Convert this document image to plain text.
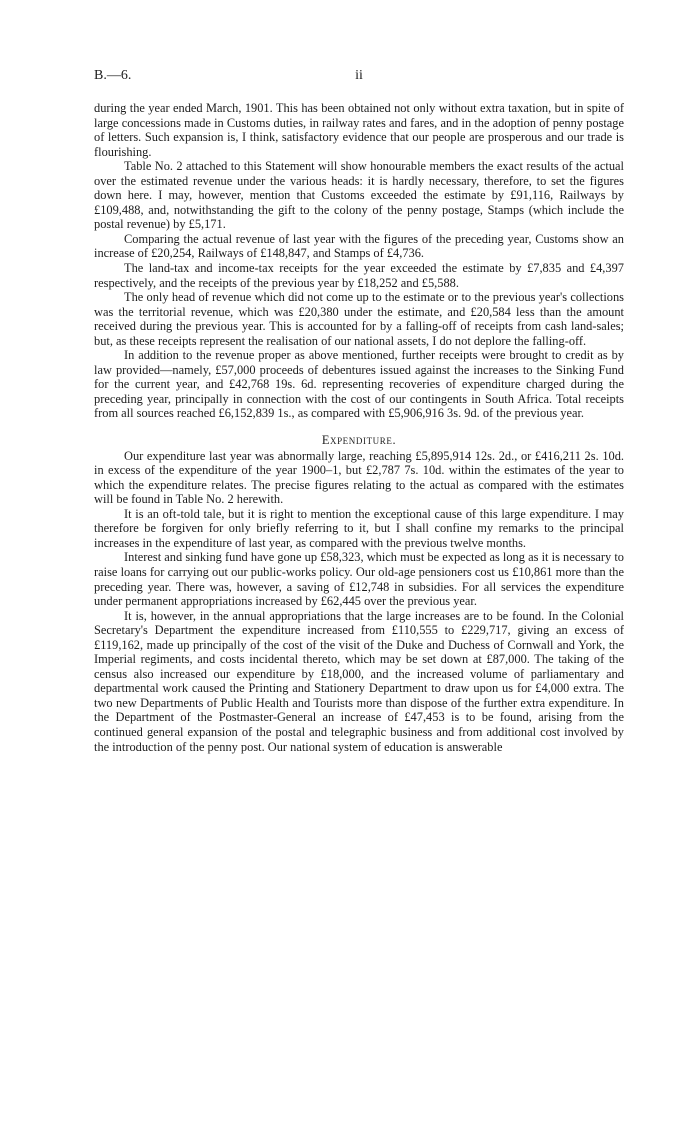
B.—6.	ii

during the year ended March, 1901. This has been obtained not only without extra taxation, but in spite of large concessions made in Customs duties, in railway rates and fares, and in the adoption of penny postage of letters. Such expansion is, I think, satisfactory evidence that our people are prosperous and our trade is flourishing.

Table No. 2 attached to this Statement will show honourable members the exact results of the actual over the estimated revenue under the various heads: it is hardly necessary, therefore, to set the figures down here. I may, however, mention that Customs exceeded the estimate by £91,116, Railways by £109,488, and, notwithstanding the gift to the colony of the penny postage, Stamps (which include the postal revenue) by £5,171.

Comparing the actual revenue of last year with the figures of the preceding year, Customs show an increase of £20,254, Railways of £148,847, and Stamps of £4,736.

The land-tax and income-tax receipts for the year exceeded the estimate by £7,835 and £4,397 respectively, and the receipts of the previous year by £18,252 and £5,588.

The only head of revenue which did not come up to the estimate or to the previous year's collections was the territorial revenue, which was £20,380 under the estimate, and £20,584 less than the amount received during the previous year. This is accounted for by a falling-off of receipts from cash land-sales; but, as these receipts represent the realisation of our national assets, I do not deplore the falling-off.

In addition to the revenue proper as above mentioned, further receipts were brought to credit as by law provided—namely, £57,000 proceeds of debentures issued against the increases to the Sinking Fund for the current year, and £42,768 19s. 6d. representing recoveries of expenditure charged during the preceding year, principally in connection with the cost of our contingents in South Africa. Total receipts from all sources reached £6,152,839 1s., as compared with £5,906,916 3s. 9d. of the previous year.

Expenditure.

Our expenditure last year was abnormally large, reaching £5,895,914 12s. 2d., or £416,211 2s. 10d. in excess of the expenditure of the year 1900–1, but £2,787 7s. 10d. within the estimates of the year to which the expenditure relates. The precise figures relating to the actual as compared with the estimates will be found in Table No. 2 herewith.

It is an oft-told tale, but it is right to mention the exceptional cause of this large expenditure. I may therefore be forgiven for only briefly referring to it, but I shall confine my remarks to the principal increases in the expenditure of last year, as compared with the previous twelve months.

Interest and sinking fund have gone up £58,323, which must be expected as long as it is necessary to raise loans for carrying out our public-works policy. Our old-age pensioners cost us £10,861 more than the preceding year. There was, however, a saving of £12,748 in subsidies. For all services the expenditure under permanent appropriations increased by £62,445 over the previous year.

It is, however, in the annual appropriations that the large increases are to be found. In the Colonial Secretary's Department the expenditure increased from £110,555 to £229,717, giving an excess of £119,162, made up principally of the cost of the visit of the Duke and Duchess of Cornwall and York, the Imperial regiments, and costs incidental thereto, which may be set down at £87,000. The taking of the census also increased our expenditure by £18,000, and the increased volume of parliamentary and departmental work caused the Printing and Stationery Department to draw upon us for £4,000 extra. The two new Departments of Public Health and Tourists more than dispose of the further extra expenditure. In the Department of the Postmaster-General an increase of £47,453 is to be found, arising from the continued general expansion of the postal and telegraphic business and from additional cost involved by the introduction of the penny post. Our national system of education is answerable
